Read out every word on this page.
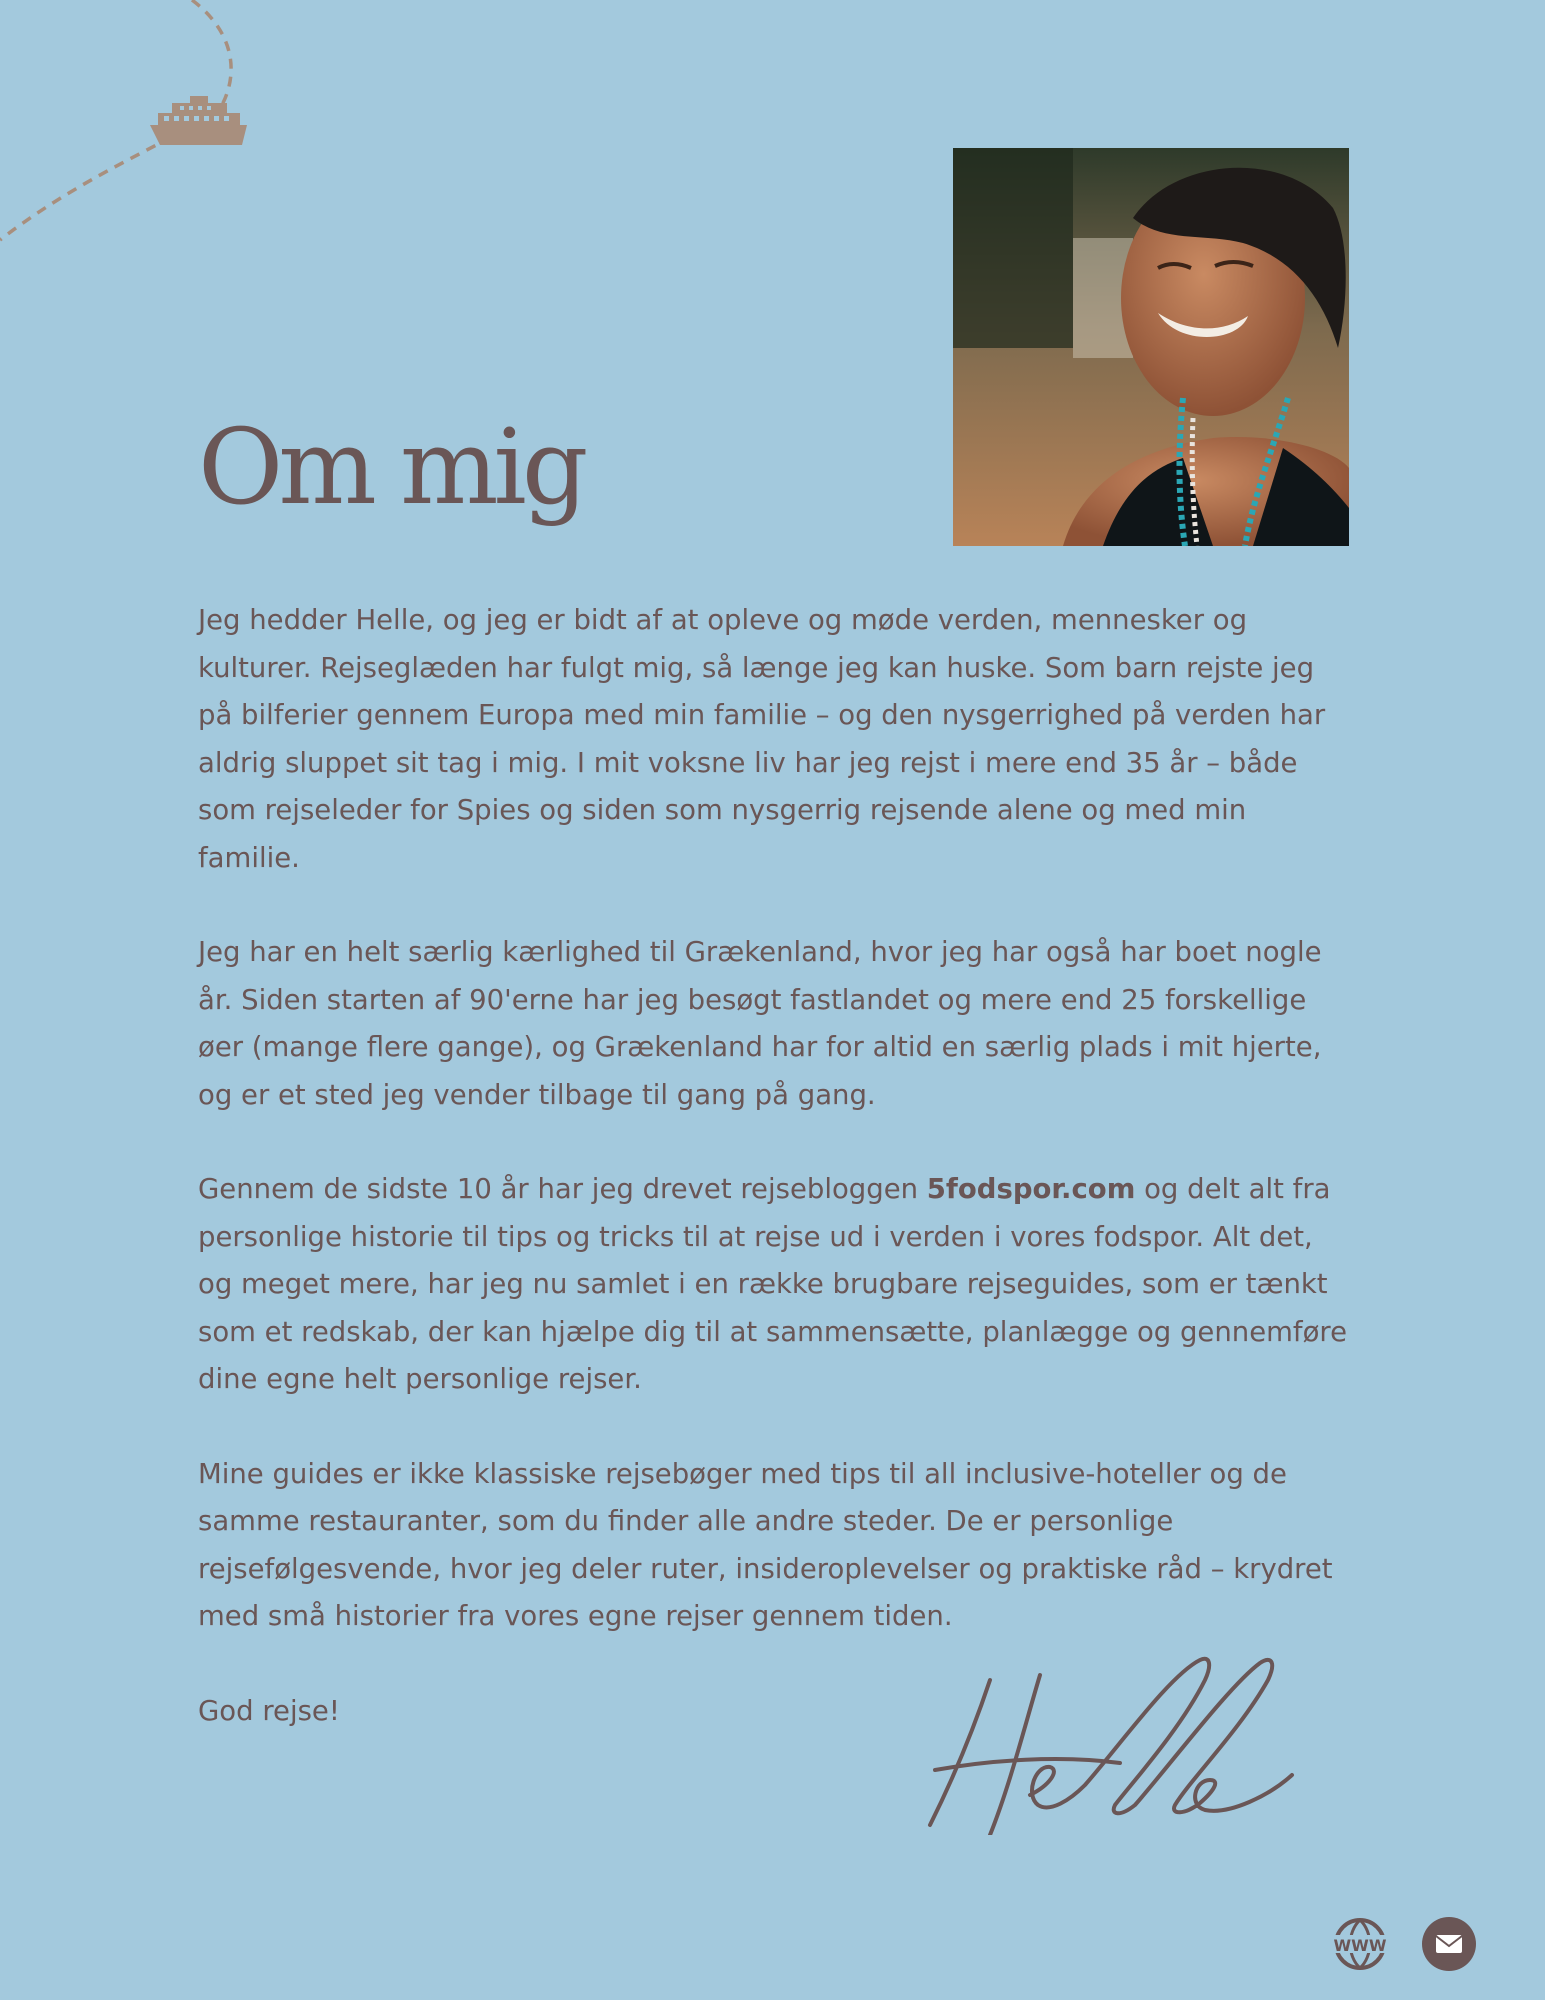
Om mig

Jeg hedder Helle, og jeg er bidt af at opleve og møde verden, mennesker og kulturer. Rejseglæden har fulgt mig, så længe jeg kan huske. Som barn rejste jeg på bilferier gennem Europa med min familie – og den nysgerrighed på verden har aldrig sluppet sit tag i mig. I mit voksne liv har jeg rejst i mere end 35 år – både som rejseleder for Spies og siden som nysgerrig rejsende alene og med min familie.

Jeg har en helt særlig kærlighed til Grækenland, hvor jeg har også har boet nogle år. Siden starten af 90'erne har jeg besøgt fastlandet og mere end 25 forskellige øer (mange flere gange), og Grækenland har for altid en særlig plads i mit hjerte, og er et sted jeg vender tilbage til gang på gang.

Gennem de sidste 10 år har jeg drevet rejsebloggen 5fodspor.com og delt alt fra personlige historie til tips og tricks til at rejse ud i verden i vores fodspor. Alt det, og meget mere, har jeg nu samlet i en række brugbare rejseguides, som er tænkt som et redskab, der kan hjælpe dig til at sammensætte, planlægge og gennemføre dine egne helt personlige rejser.

Mine guides er ikke klassiske rejsebøger med tips til all inclusive-hoteller og de samme restauranter, som du finder alle andre steder. De er personlige rejsefølgesvende, hvor jeg deler ruter, insideroplevelser og praktiske råd – krydret med små historier fra vores egne rejser gennem tiden.

God rejse!

WWW
